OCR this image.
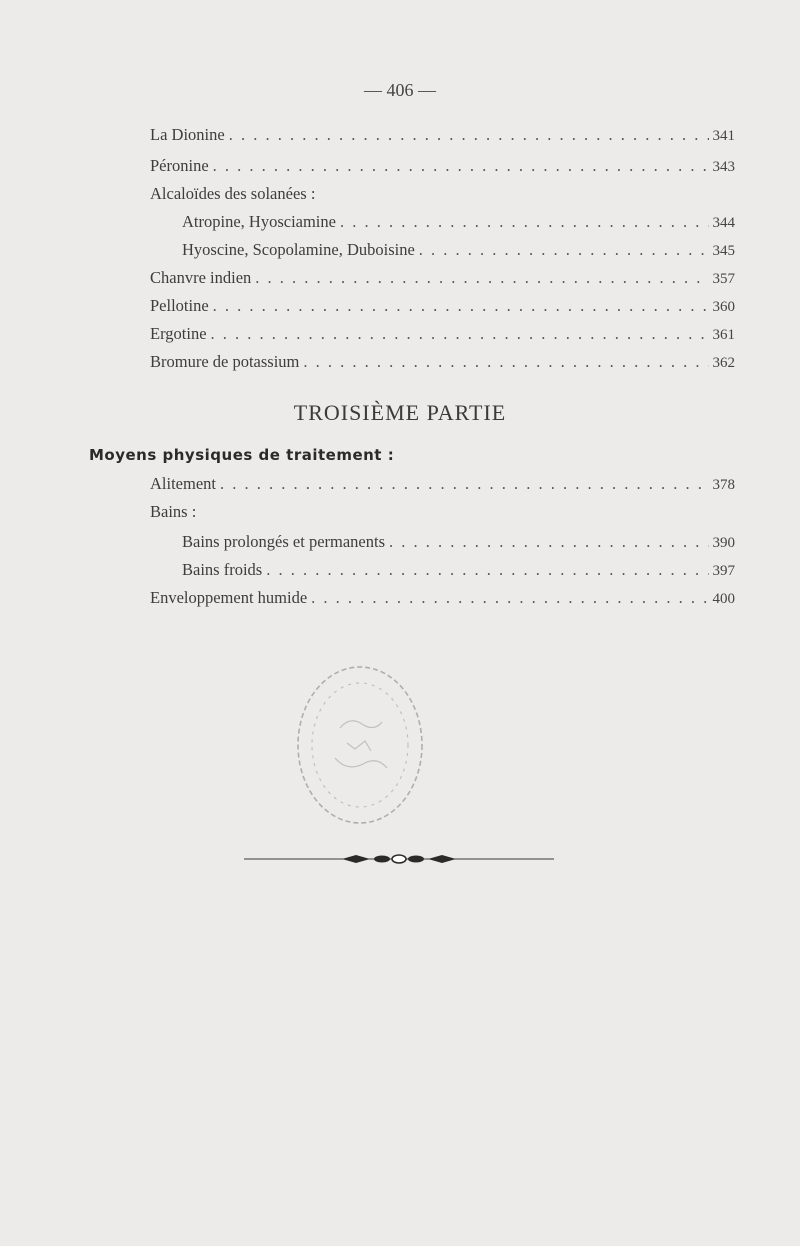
— 406 —
La Dionine . . .	341
Péronine . . .	343
Alcaloïdes des solanées :
Atropine, Hyosciamine . . .	344
Hyoscine, Scopolamine, Duboisine . . .	345
Chanvre indien . . .	357
Pellotine . . .	360
Ergotine . . .	361
Bromure de potassium . . .	362
TROISIÈME PARTIE
Moyens physiques de traitement :
Alitement . . .	378
Bains :
Bains prolongés et permanents . . .	390
Bains froids . . .	397
Enveloppement humide . . .	400
